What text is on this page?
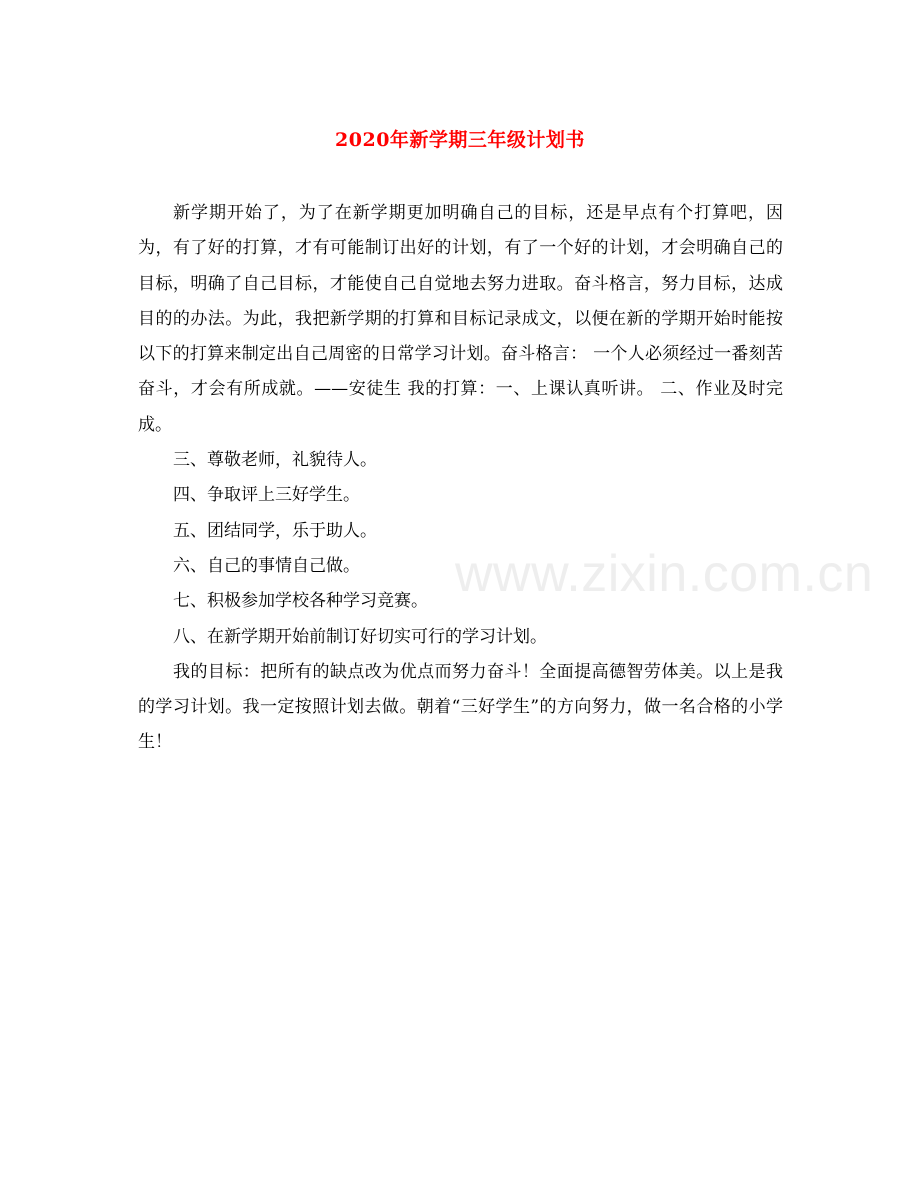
2020年新学期三年级计划书

新学期开始了，为了在新学期更加明确自己的目标，还是早点有个打算吧，因为，有了好的打算，才有可能制订出好的计划，有了一个好的计划，才会明确自己的目标，明确了自己目标，才能使自己自觉地去努力进取。奋斗格言，努力目标，达成目的的办法。为此，我把新学期的打算和目标记录成文，以便在新的学期开始时能按以下的打算来制定出自己周密的日常学习计划。奋斗格言： 一个人必须经过一番刻苦奋斗，才会有所成就。——安徒生 我的打算：一、上课认真听讲。 二、作业及时完成。

三、尊敬老师，礼貌待人。

四、争取评上三好学生。

五、团结同学，乐于助人。

六、自己的事情自己做。

七、积极参加学校各种学习竞赛。

八、在新学期开始前制订好切实可行的学习计划。

我的目标：把所有的缺点改为优点而努力奋斗！全面提高德智劳体美。以上是我的学习计划。我一定按照计划去做。朝着“三好学生”的方向努力，做一名合格的小学生！

www.zixin.com.cn
